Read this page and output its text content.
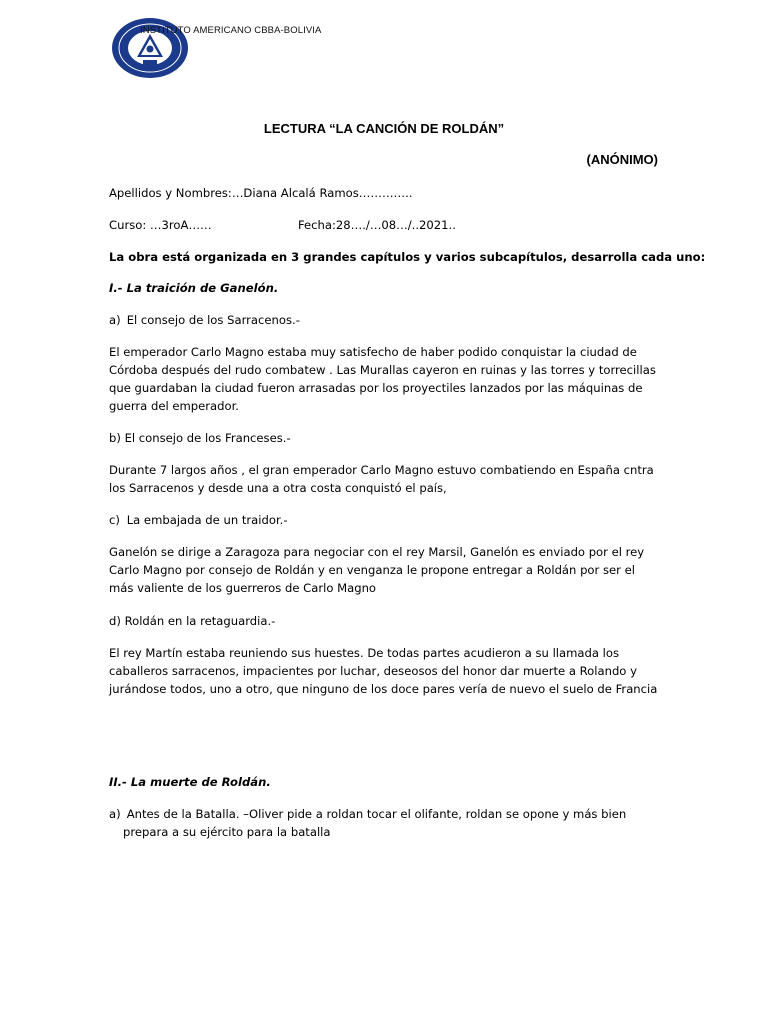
INSTITUTO AMERICANO CBBA-BOLIVIA
LECTURA “LA CANCIÓN DE ROLDÁN”
(ANÓNIMO)
Apellidos y Nombres:…Diana Alcalá Ramos…………..
Curso: …3roA……	Fecha:28…./…08…/..2021..
La obra está organizada en 3 grandes capítulos y varios subcapítulos, desarrolla cada uno:
I.- La traición de Ganelón.
a) El consejo de los Sarracenos.-
El emperador Carlo Magno estaba muy satisfecho de haber podido conquistar la ciudad de
Córdoba después del rudo combatew . Las Murallas cayeron en ruinas y las torres y torrecillas
que guardaban la ciudad fueron arrasadas por los proyectiles lanzados por las máquinas de
guerra del emperador.
b) El consejo de los Franceses.-
Durante 7 largos años , el gran emperador Carlo Magno estuvo combatiendo en España cntra
los Sarracenos y desde una a otra costa conquistó el país,
c) La embajada de un traidor.-
Ganelón se dirige a Zaragoza para negociar con el rey Marsil, Ganelón es enviado por el rey
Carlo Magno por consejo de Roldán y en venganza le propone entregar a Roldán por ser el
más valiente de los guerreros de Carlo Magno
d) Roldán en la retaguardia.-
El rey Martín estaba reuniendo sus huestes. De todas partes acudieron a su llamada los
caballeros sarracenos, impacientes por luchar, deseosos del honor dar muerte a Rolando y
jurándose todos, uno a otro, que ninguno de los doce pares vería de nuevo el suelo de Francia
II.- La muerte de Roldán.
a) Antes de la Batalla. –Oliver pide a roldan tocar el olifante, roldan se opone y más bien
prepara a su ejército para la batalla
